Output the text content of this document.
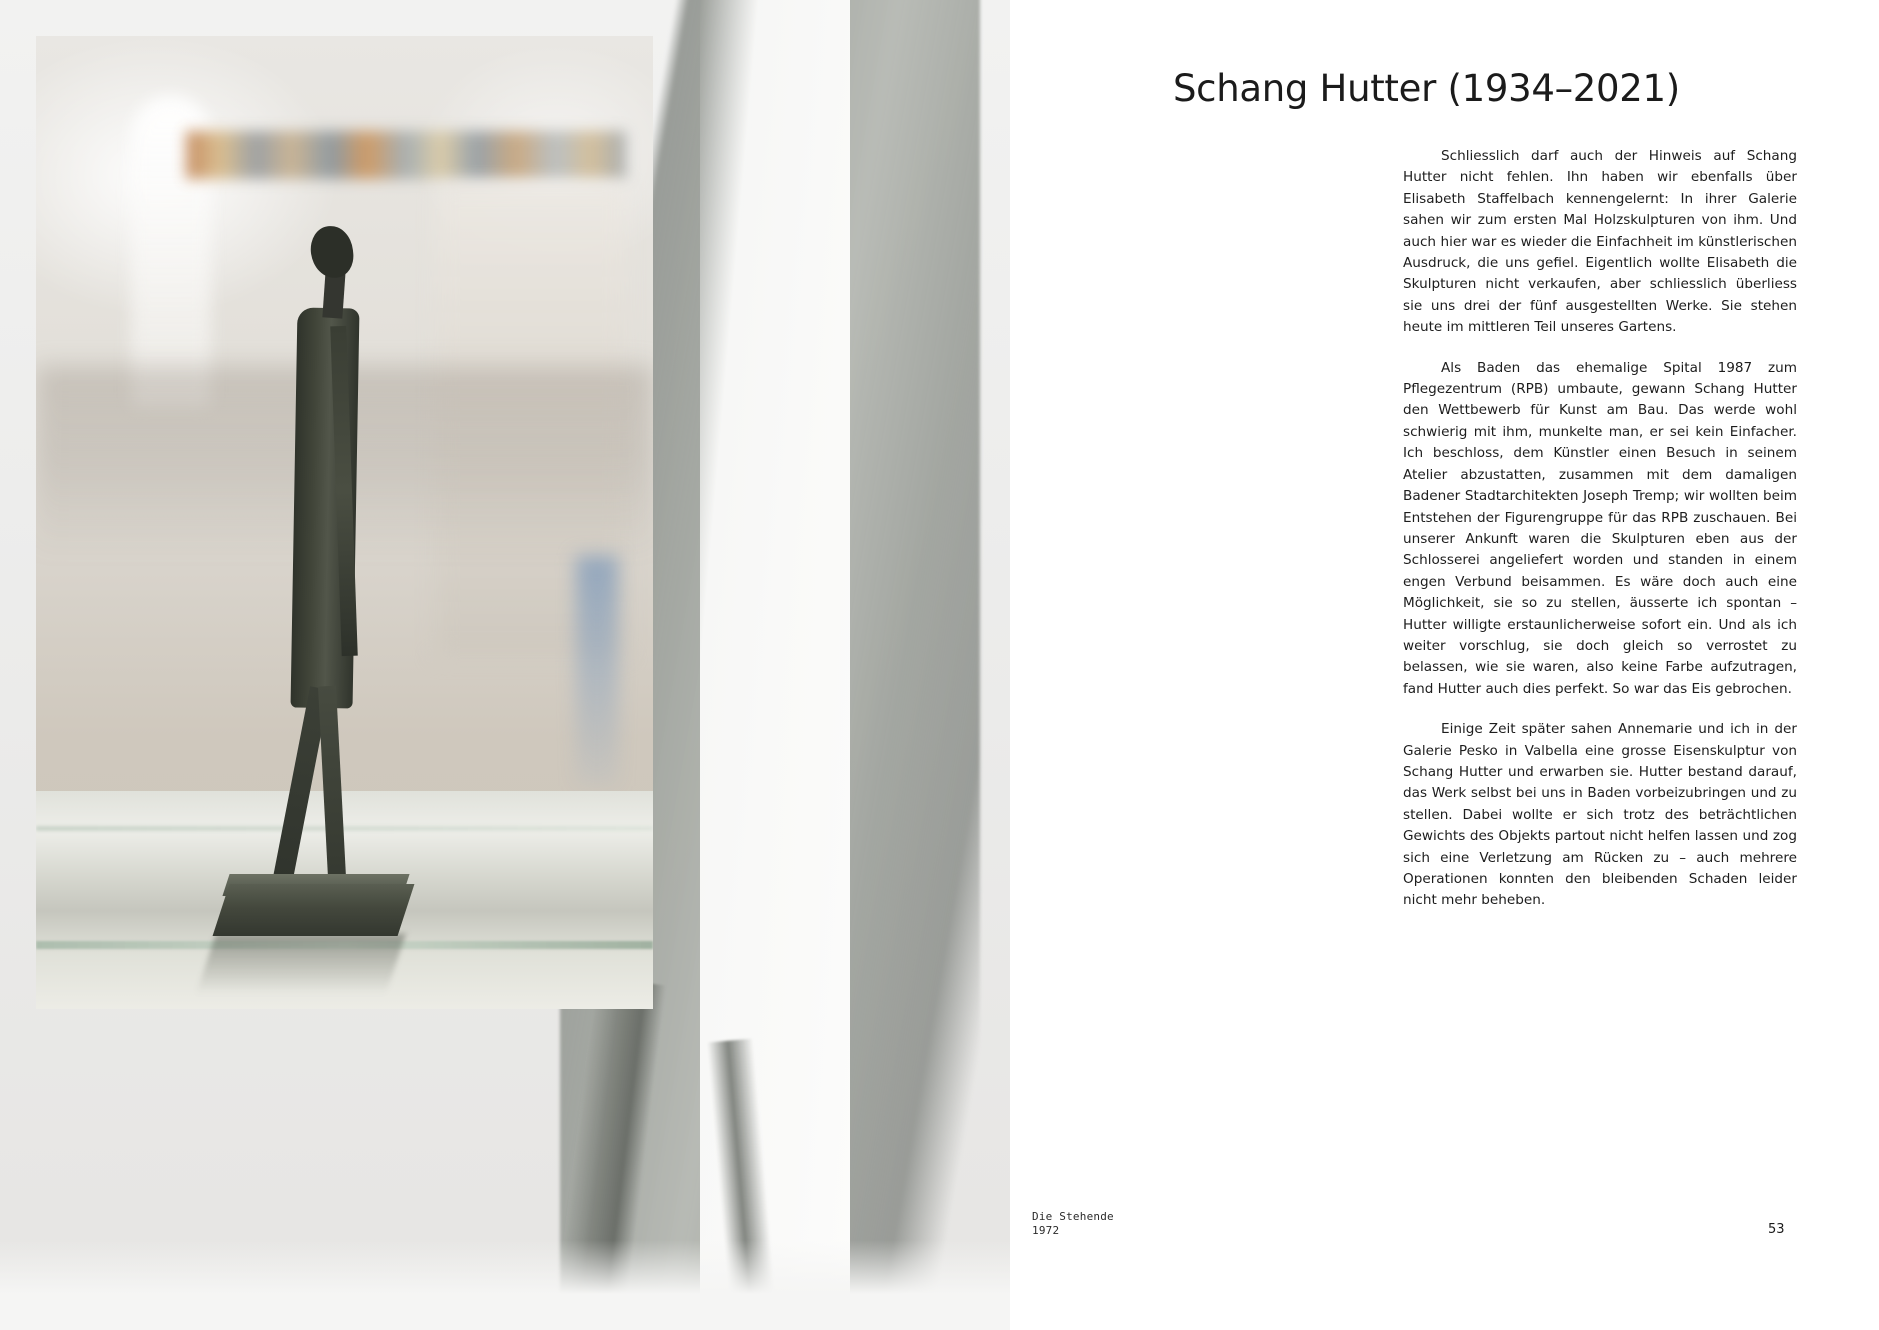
Schang Hutter (1934–2021)

Schliesslich darf auch der Hinweis auf Schang Hutter nicht fehlen. Ihn haben wir ebenfalls über Elisabeth Staffelbach kennengelernt: In ihrer Galerie sahen wir zum ersten Mal Holzskulpturen von ihm. Und auch hier war es wieder die Einfachheit im künstlerischen Ausdruck, die uns gefiel. Eigentlich wollte Elisabeth die Skulpturen nicht verkaufen, aber schliesslich überliess sie uns drei der fünf ausgestellten Werke. Sie stehen heute im mittleren Teil unseres Gartens.

Als Baden das ehemalige Spital 1987 zum Pflegezentrum (RPB) umbaute, gewann Schang Hutter den Wettbewerb für Kunst am Bau. Das werde wohl schwierig mit ihm, munkelte man, er sei kein Einfacher. Ich beschloss, dem Künstler einen Besuch in seinem Atelier abzustatten, zusammen mit dem damaligen Badener Stadtarchitekten Joseph Tremp; wir wollten beim Entstehen der Figurengruppe für das RPB zuschauen. Bei unserer Ankunft waren die Skulpturen eben aus der Schlosserei angeliefert worden und standen in einem engen Verbund beisammen. Es wäre doch auch eine Möglichkeit, sie so zu stellen, äusserte ich spontan – Hutter willigte erstaunlicherweise sofort ein. Und als ich weiter vorschlug, sie doch gleich so verrostet zu belassen, wie sie waren, also keine Farbe aufzutragen, fand Hutter auch dies perfekt. So war das Eis gebrochen.

Einige Zeit später sahen Annemarie und ich in der Galerie Pesko in Valbella eine grosse Eisenskulptur von Schang Hutter und erwarben sie. Hutter bestand darauf, das Werk selbst bei uns in Baden vorbeizubringen und zu stellen. Dabei wollte er sich trotz des beträchtlichen Gewichts des Objekts partout nicht helfen lassen und zog sich eine Verletzung am Rücken zu – auch mehrere Operationen konnten den bleibenden Schaden leider nicht mehr beheben.

53
Die Stehende
1972
